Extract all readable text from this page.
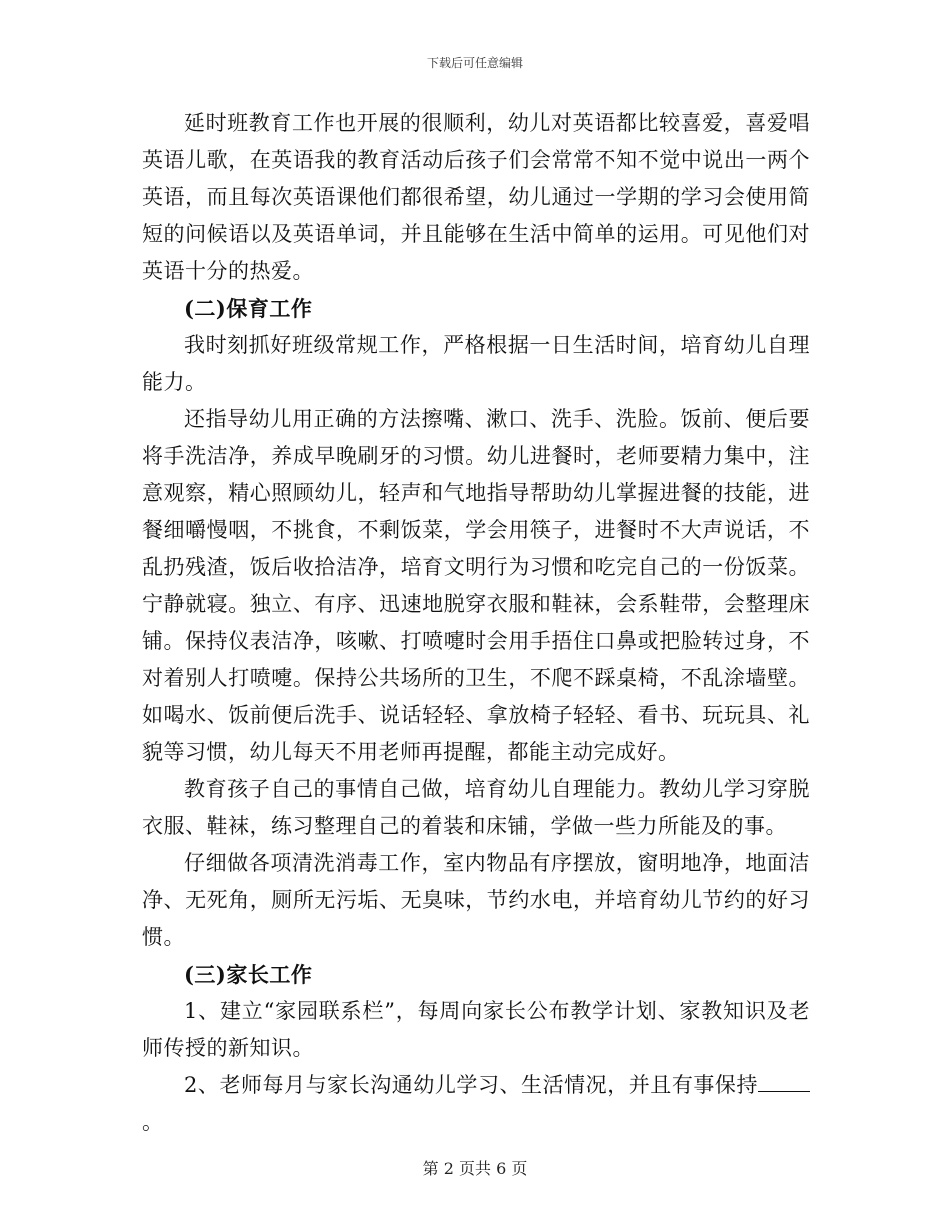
下载后可任意编辑

延时班教育工作也开展的很顺利，幼儿对英语都比较喜爱，喜爱唱英语儿歌，在英语我的教育活动后孩子们会常常不知不觉中说出一两个英语，而且每次英语课他们都很希望，幼儿通过一学期的学习会使用简短的问候语以及英语单词，并且能够在生活中简单的运用。可见他们对英语十分的热爱。

(二)保育工作

我时刻抓好班级常规工作，严格根据一日生活时间，培育幼儿自理能力。

还指导幼儿用正确的方法擦嘴、漱口、洗手、洗脸。饭前、便后要将手洗洁净，养成早晚刷牙的习惯。幼儿进餐时，老师要精力集中，注意观察，精心照顾幼儿，轻声和气地指导帮助幼儿掌握进餐的技能，进餐细嚼慢咽，不挑食，不剩饭菜，学会用筷子，进餐时不大声说话，不乱扔残渣，饭后收拾洁净，培育文明行为习惯和吃完自己的一份饭菜。宁静就寝。独立、有序、迅速地脱穿衣服和鞋袜，会系鞋带，会整理床铺。保持仪表洁净，咳嗽、打喷嚏时会用手捂住口鼻或把脸转过身，不对着别人打喷嚏。保持公共场所的卫生，不爬不踩桌椅，不乱涂墙壁。如喝水、饭前便后洗手、说话轻轻、拿放椅子轻轻、看书、玩玩具、礼貌等习惯，幼儿每天不用老师再提醒，都能主动完成好。

教育孩子自己的事情自己做，培育幼儿自理能力。教幼儿学习穿脱衣服、鞋袜，练习整理自己的着装和床铺，学做一些力所能及的事。

仔细做各项清洗消毒工作，室内物品有序摆放，窗明地净，地面洁净、无死角，厕所无污垢、无臭味，节约水电，并培育幼儿节约的好习惯。

(三)家长工作

1、建立“家园联系栏”，每周向家长公布教学计划、家教知识及老师传授的新知识。

2、老师每月与家长沟通幼儿学习、生活情况，并且有事保持。

第 2 页共 6 页
